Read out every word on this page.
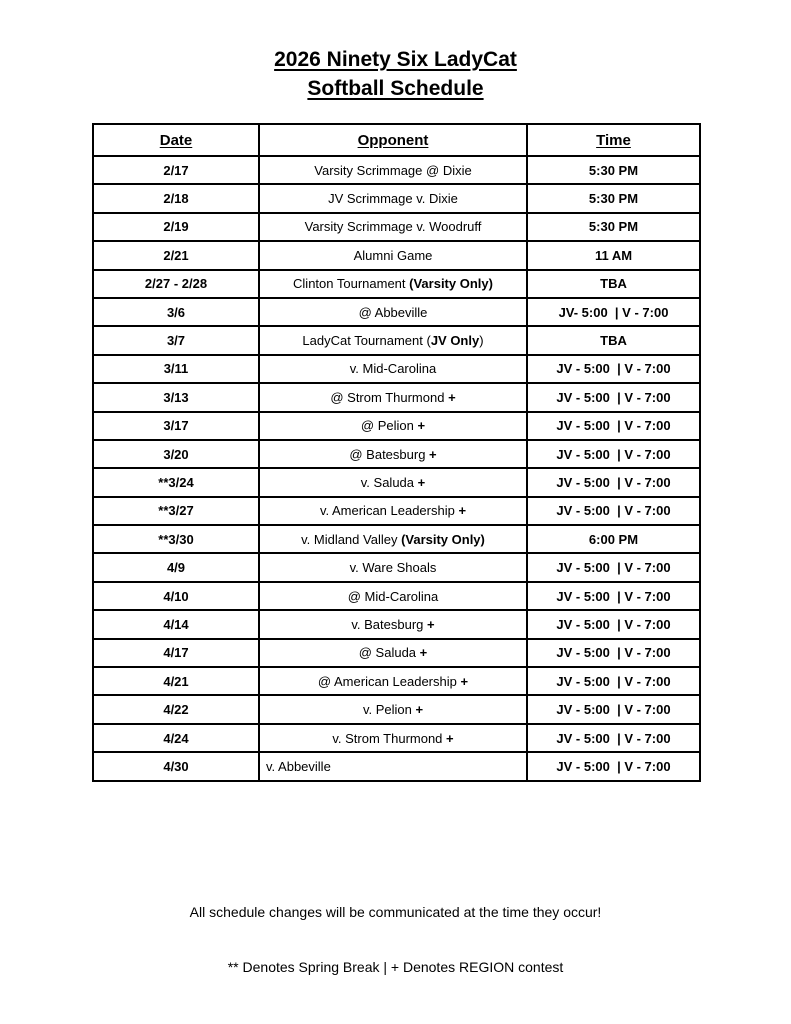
2026 Ninety Six LadyCat
Softball Schedule
Date	Opponent	Time
2/17	Varsity Scrimmage @ Dixie	5:30 PM
2/18	JV Scrimmage v. Dixie	5:30 PM
2/19	Varsity Scrimmage v. Woodruff	5:30 PM
2/21	Alumni Game	11 AM
2/27 - 2/28	Clinton Tournament (Varsity Only)	TBA
3/6	@ Abbeville	JV- 5:00  | V - 7:00
3/7	LadyCat Tournament (JV Only)	TBA
3/11	v. Mid-Carolina	JV - 5:00  | V - 7:00
3/13	@ Strom Thurmond +	JV - 5:00  | V - 7:00
3/17	@ Pelion +	JV - 5:00  | V - 7:00
3/20	@ Batesburg +	JV - 5:00  | V - 7:00
**3/24	v. Saluda +	JV - 5:00  | V - 7:00
**3/27	v. American Leadership +	JV - 5:00  | V - 7:00
**3/30	v. Midland Valley (Varsity Only)	6:00 PM
4/9	v. Ware Shoals	JV - 5:00  | V - 7:00
4/10	@ Mid-Carolina	JV - 5:00  | V - 7:00
4/14	v. Batesburg +	JV - 5:00  | V - 7:00
4/17	@ Saluda +	JV - 5:00  | V - 7:00
4/21	@ American Leadership +	JV - 5:00  | V - 7:00
4/22	v. Pelion +	JV - 5:00  | V - 7:00
4/24	v. Strom Thurmond +	JV - 5:00  | V - 7:00
4/30	v. Abbeville	JV - 5:00  | V - 7:00
All schedule changes will be communicated at the time they occur!
** Denotes Spring Break | + Denotes REGION contest
